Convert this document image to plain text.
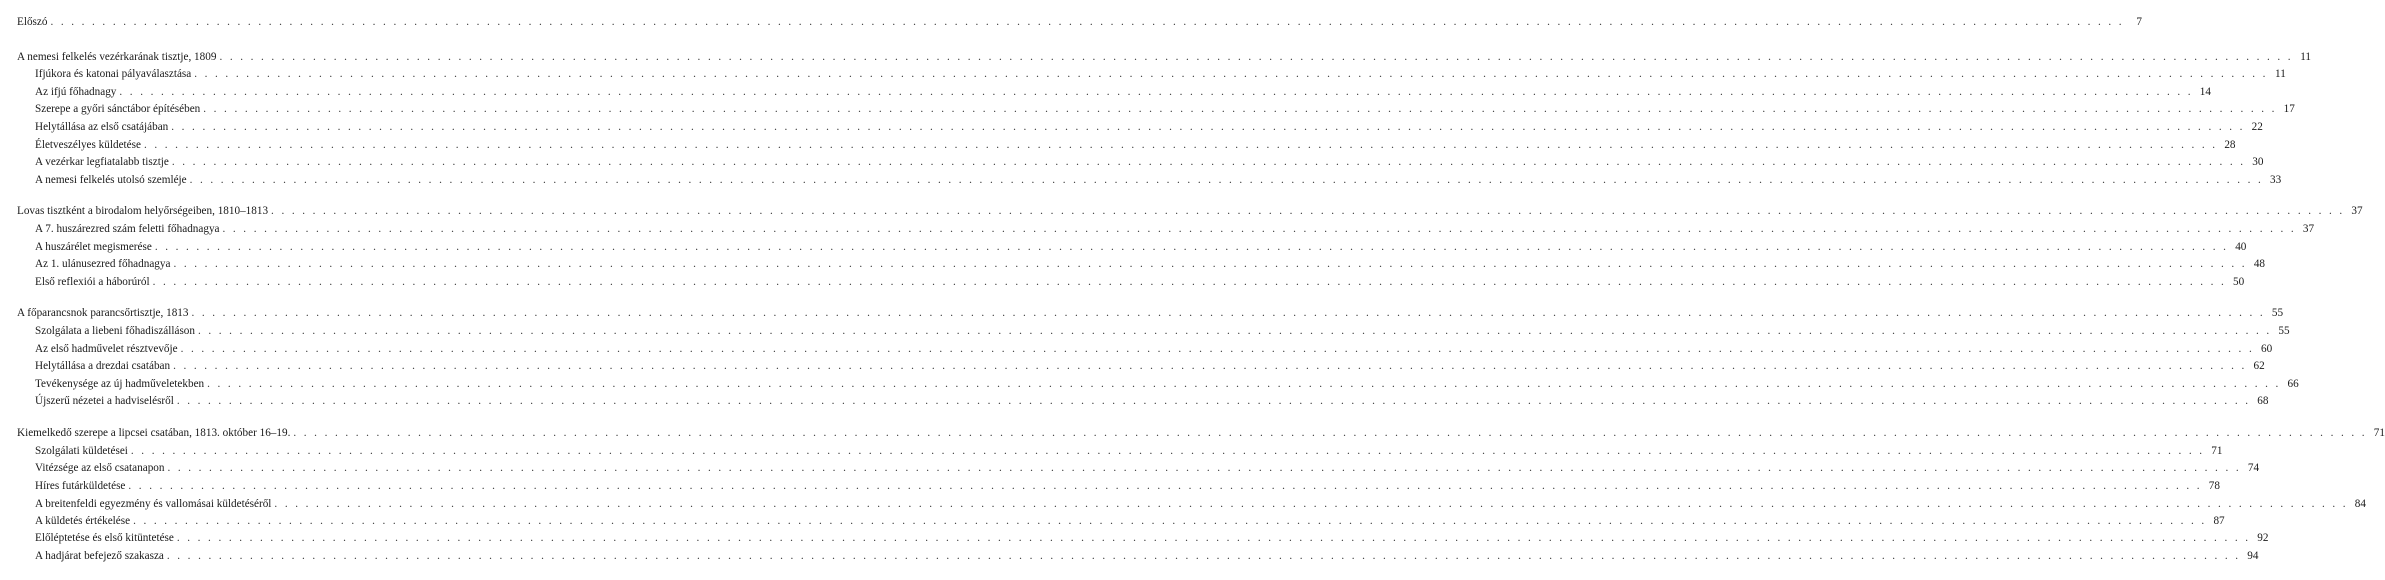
Előszó . . . . . . . . . . . . . . . . . . . . . . . . . . . . . . . . . . . . . . . . . . . . . . . . . . . . . . . . . . . . . . . . . . . . . . . . . . . . . . . . . . . . . . . . . . . . . . . . . . . . . . . . . . . . . . . . . . . . . . . . . . . . . . . . . . . . . . . . . . . . . . . . . . . . . . . . . . . . . . . . . . . . . . . . . . . . . . . . . . . . . . . . . . . . . . . . . . . . . . . .	7
A nemesi felkelés vezérkarának tisztje, 1809 . . . . . . . . . . . . . . . . . . . . . . . . . . . . . . . . . . . . . . . . . . . . . . . . . . . . . . . . . . . . . . . . . . . . . . . . . . . . . . . . . . . . . . . . . . . . . . . . . . . . . . . . . . . . . . . . . . . . . . . . . . . . . . . . . . . . . . . . . . . . . . . . . . . . . . . . . . . . . . . . . . . . . . . . . . . . . . . . . . . . . . . . . . . . . . . . . . . . . . . . 11
Ifjúkora és katonai pályaválasztása . . . . . . . . . . . . . . . . . . . . . . . . . . . . . . . . . . . . . . . . . . . . . . . . . . . . . . . . . . . . . . . . . . . . . . . . . . . . . . . . . . . . . . . . . . . . . . . . . . . . . . . . . . . . . . . . . . . . . . . . . . . . . . . . . . . . . . . . . . . . . . . . . . . . . . . . . . . . . . . . . . . . . . . . . . . . . . . . . . . . . . . . . . . . . . . . . . . . . . . . 11
Az ifjú főhadnagy . . . . . . . . . . . . . . . . . . . . . . . . . . . . . . . . . . . . . . . . . . . . . . . . . . . . . . . . . . . . . . . . . . . . . . . . . . . . . . . . . . . . . . . . . . . . . . . . . . . . . . . . . . . . . . . . . . . . . . . . . . . . . . . . . . . . . . . . . . . . . . . . . . . . . . . . . . . . . . . . . . . . . . . . . . . . . . . . . . . . . . . . . . . . . . . . . . . . . . . . 14
Szerepe a győri sánctábor építésében . . . . . . . . . . . . . . . . . . . . . . . . . . . . . . . . . . . . . . . . . . . . . . . . . . . . . . . . . . . . . . . . . . . . . . . . . . . . . . . . . . . . . . . . . . . . . . . . . . . . . . . . . . . . . . . . . . . . . . . . . . . . . . . . . . . . . . . . . . . . . . . . . . . . . . . . . . . . . . . . . . . . . . . . . . . . . . . . . . . . . . . . . . . . . . . . . . . . . . . . 17
Helytállása az első csatájában . . . . . . . . . . . . . . . . . . . . . . . . . . . . . . . . . . . . . . . . . . . . . . . . . . . . . . . . . . . . . . . . . . . . . . . . . . . . . . . . . . . . . . . . . . . . . . . . . . . . . . . . . . . . . . . . . . . . . . . . . . . . . . . . . . . . . . . . . . . . . . . . . . . . . . . . . . . . . . . . . . . . . . . . . . . . . . . . . . . . . . . . . . . . . . . . . . . . . . . . 22
Életveszélyes küldetése . . . . . . . . . . . . . . . . . . . . . . . . . . . . . . . . . . . . . . . . . . . . . . . . . . . . . . . . . . . . . . . . . . . . . . . . . . . . . . . . . . . . . . . . . . . . . . . . . . . . . . . . . . . . . . . . . . . . . . . . . . . . . . . . . . . . . . . . . . . . . . . . . . . . . . . . . . . . . . . . . . . . . . . . . . . . . . . . . . . . . . . . . . . . . . . . . . . . . . . . 28
A vezérkar legfiatalabb tisztje . . . . . . . . . . . . . . . . . . . . . . . . . . . . . . . . . . . . . . . . . . . . . . . . . . . . . . . . . . . . . . . . . . . . . . . . . . . . . . . . . . . . . . . . . . . . . . . . . . . . . . . . . . . . . . . . . . . . . . . . . . . . . . . . . . . . . . . . . . . . . . . . . . . . . . . . . . . . . . . . . . . . . . . . . . . . . . . . . . . . . . . . . . . . . . . . . . . . . . . . 30
A nemesi felkelés utolsó szemléje . . . . . . . . . . . . . . . . . . . . . . . . . . . . . . . . . . . . . . . . . . . . . . . . . . . . . . . . . . . . . . . . . . . . . . . . . . . . . . . . . . . . . . . . . . . . . . . . . . . . . . . . . . . . . . . . . . . . . . . . . . . . . . . . . . . . . . . . . . . . . . . . . . . . . . . . . . . . . . . . . . . . . . . . . . . . . . . . . . . . . . . . . . . . . . . . . . . . . . . . 33
Lovas tisztként a birodalom helyőrségeiben, 1810–1813 . . . . . . . . . . . . . . . . . . . . . . . . . . . . . . . . . . . . . . . . . . . . . . . . . . . . . . . . . . . . . . . . . . . . . . . . . . . . . . . . . . . . . . . . . . . . . . . . . . . . . . . . . . . . . . . . . . . . . . . . . . . . . . . . . . . . . . . . . . . . . . . . . . . . . . . . . . . . . . . . . . . . . . . . . . . . . . . . . . . . . . . . . . . . . . . . . . . . . . . . 37
A 7. huszárezred szám feletti főhadnagya . . . . . . . . . . . . . . . . . . . . . . . . . . . . . . . . . . . . . . . . . . . . . . . . . . . . . . . . . . . . . . . . . . . . . . . . . . . . . . . . . . . . . . . . . . . . . . . . . . . . . . . . . . . . . . . . . . . . . . . . . . . . . . . . . . . . . . . . . . . . . . . . . . . . . . . . . . . . . . . . . . . . . . . . . . . . . . . . . . . . . . . . . . . . . . . . . . . . . . . . 37
A huszárélet megismerése . . . . . . . . . . . . . . . . . . . . . . . . . . . . . . . . . . . . . . . . . . . . . . . . . . . . . . . . . . . . . . . . . . . . . . . . . . . . . . . . . . . . . . . . . . . . . . . . . . . . . . . . . . . . . . . . . . . . . . . . . . . . . . . . . . . . . . . . . . . . . . . . . . . . . . . . . . . . . . . . . . . . . . . . . . . . . . . . . . . . . . . . . . . . . . . . . . . . . . . . 40
Az 1. ulánusezred főhadnagya . . . . . . . . . . . . . . . . . . . . . . . . . . . . . . . . . . . . . . . . . . . . . . . . . . . . . . . . . . . . . . . . . . . . . . . . . . . . . . . . . . . . . . . . . . . . . . . . . . . . . . . . . . . . . . . . . . . . . . . . . . . . . . . . . . . . . . . . . . . . . . . . . . . . . . . . . . . . . . . . . . . . . . . . . . . . . . . . . . . . . . . . . . . . . . . . . . . . . . . . 48
Első reflexiói a háborúról . . . . . . . . . . . . . . . . . . . . . . . . . . . . . . . . . . . . . . . . . . . . . . . . . . . . . . . . . . . . . . . . . . . . . . . . . . . . . . . . . . . . . . . . . . . . . . . . . . . . . . . . . . . . . . . . . . . . . . . . . . . . . . . . . . . . . . . . . . . . . . . . . . . . . . . . . . . . . . . . . . . . . . . . . . . . . . . . . . . . . . . . . . . . . . . . . . . . . . . . 50
A főparancsnok parancsőrtisztje, 1813 . . . . . . . . . . . . . . . . . . . . . . . . . . . . . . . . . . . . . . . . . . . . . . . . . . . . . . . . . . . . . . . . . . . . . . . . . . . . . . . . . . . . . . . . . . . . . . . . . . . . . . . . . . . . . . . . . . . . . . . . . . . . . . . . . . . . . . . . . . . . . . . . . . . . . . . . . . . . . . . . . . . . . . . . . . . . . . . . . . . . . . . . . . . . . . . . . . . . . . . . 55
Szolgálata a liebeni főhadiszálláson . . . . . . . . . . . . . . . . . . . . . . . . . . . . . . . . . . . . . . . . . . . . . . . . . . . . . . . . . . . . . . . . . . . . . . . . . . . . . . . . . . . . . . . . . . . . . . . . . . . . . . . . . . . . . . . . . . . . . . . . . . . . . . . . . . . . . . . . . . . . . . . . . . . . . . . . . . . . . . . . . . . . . . . . . . . . . . . . . . . . . . . . . . . . . . . . . . . . . . . . 55
Az első hadművelet résztvevője . . . . . . . . . . . . . . . . . . . . . . . . . . . . . . . . . . . . . . . . . . . . . . . . . . . . . . . . . . . . . . . . . . . . . . . . . . . . . . . . . . . . . . . . . . . . . . . . . . . . . . . . . . . . . . . . . . . . . . . . . . . . . . . . . . . . . . . . . . . . . . . . . . . . . . . . . . . . . . . . . . . . . . . . . . . . . . . . . . . . . . . . . . . . . . . . . . . . . . . . 60
Helytállása a drezdai csatában . . . . . . . . . . . . . . . . . . . . . . . . . . . . . . . . . . . . . . . . . . . . . . . . . . . . . . . . . . . . . . . . . . . . . . . . . . . . . . . . . . . . . . . . . . . . . . . . . . . . . . . . . . . . . . . . . . . . . . . . . . . . . . . . . . . . . . . . . . . . . . . . . . . . . . . . . . . . . . . . . . . . . . . . . . . . . . . . . . . . . . . . . . . . . . . . . . . . . . . . 62
Tevékenysége az új hadműveletekben . . . . . . . . . . . . . . . . . . . . . . . . . . . . . . . . . . . . . . . . . . . . . . . . . . . . . . . . . . . . . . . . . . . . . . . . . . . . . . . . . . . . . . . . . . . . . . . . . . . . . . . . . . . . . . . . . . . . . . . . . . . . . . . . . . . . . . . . . . . . . . . . . . . . . . . . . . . . . . . . . . . . . . . . . . . . . . . . . . . . . . . . . . . . . . . . . . . . . . . . 66
Újszerű nézetei a hadviselésről . . . . . . . . . . . . . . . . . . . . . . . . . . . . . . . . . . . . . . . . . . . . . . . . . . . . . . . . . . . . . . . . . . . . . . . . . . . . . . . . . . . . . . . . . . . . . . . . . . . . . . . . . . . . . . . . . . . . . . . . . . . . . . . . . . . . . . . . . . . . . . . . . . . . . . . . . . . . . . . . . . . . . . . . . . . . . . . . . . . . . . . . . . . . . . . . . . . . . . . . 68
Kiemelkedő szerepe a lipcsei csatában, 1813. október 16–19. . . . . . . . . . . . . . . . . . . . . . . . . . . . . . . . . . . . . . . . . . . . . . . . . . . . . . . . . . . . . . . . . . . . . . . . . . . . . . . . . . . . . . . . . . . . . . . . . . . . . . . . . . . . . . . . . . . . . . . . . . . . . . . . . . . . . . . . . . . . . . . . . . . . . . . . . . . . . . . . . . . . . . . . . . . . . . . . . . . . . . . . . . . . . . . . . . . . . . . . . 71
Szolgálati küldetései . . . . . . . . . . . . . . . . . . . . . . . . . . . . . . . . . . . . . . . . . . . . . . . . . . . . . . . . . . . . . . . . . . . . . . . . . . . . . . . . . . . . . . . . . . . . . . . . . . . . . . . . . . . . . . . . . . . . . . . . . . . . . . . . . . . . . . . . . . . . . . . . . . . . . . . . . . . . . . . . . . . . . . . . . . . . . . . . . . . . . . . . . . . . . . . . . . . . . . . . 71
Vitézsége az első csatanapon . . . . . . . . . . . . . . . . . . . . . . . . . . . . . . . . . . . . . . . . . . . . . . . . . . . . . . . . . . . . . . . . . . . . . . . . . . . . . . . . . . . . . . . . . . . . . . . . . . . . . . . . . . . . . . . . . . . . . . . . . . . . . . . . . . . . . . . . . . . . . . . . . . . . . . . . . . . . . . . . . . . . . . . . . . . . . . . . . . . . . . . . . . . . . . . . . . . . . . . . 74
Híres futárküldetése . . . . . . . . . . . . . . . . . . . . . . . . . . . . . . . . . . . . . . . . . . . . . . . . . . . . . . . . . . . . . . . . . . . . . . . . . . . . . . . . . . . . . . . . . . . . . . . . . . . . . . . . . . . . . . . . . . . . . . . . . . . . . . . . . . . . . . . . . . . . . . . . . . . . . . . . . . . . . . . . . . . . . . . . . . . . . . . . . . . . . . . . . . . . . . . . . . . . . . . . 78
A breitenfeldi egyezmény és vallomásai küldetéséről . . . . . . . . . . . . . . . . . . . . . . . . . . . . . . . . . . . . . . . . . . . . . . . . . . . . . . . . . . . . . . . . . . . . . . . . . . . . . . . . . . . . . . . . . . . . . . . . . . . . . . . . . . . . . . . . . . . . . . . . . . . . . . . . . . . . . . . . . . . . . . . . . . . . . . . . . . . . . . . . . . . . . . . . . . . . . . . . . . . . . . . . . . . . . . . . . . . . . . . . 84
A küldetés értékelése . . . . . . . . . . . . . . . . . . . . . . . . . . . . . . . . . . . . . . . . . . . . . . . . . . . . . . . . . . . . . . . . . . . . . . . . . . . . . . . . . . . . . . . . . . . . . . . . . . . . . . . . . . . . . . . . . . . . . . . . . . . . . . . . . . . . . . . . . . . . . . . . . . . . . . . . . . . . . . . . . . . . . . . . . . . . . . . . . . . . . . . . . . . . . . . . . . . . . . . . 87
Előléptetése és első kitüntetése . . . . . . . . . . . . . . . . . . . . . . . . . . . . . . . . . . . . . . . . . . . . . . . . . . . . . . . . . . . . . . . . . . . . . . . . . . . . . . . . . . . . . . . . . . . . . . . . . . . . . . . . . . . . . . . . . . . . . . . . . . . . . . . . . . . . . . . . . . . . . . . . . . . . . . . . . . . . . . . . . . . . . . . . . . . . . . . . . . . . . . . . . . . . . . . . . . . . . . . . 92
A hadjárat befejező szakasza . . . . . . . . . . . . . . . . . . . . . . . . . . . . . . . . . . . . . . . . . . . . . . . . . . . . . . . . . . . . . . . . . . . . . . . . . . . . . . . . . . . . . . . . . . . . . . . . . . . . . . . . . . . . . . . . . . . . . . . . . . . . . . . . . . . . . . . . . . . . . . . . . . . . . . . . . . . . . . . . . . . . . . . . . . . . . . . . . . . . . . . . . . . . . . . . . . . . . . . . 94
